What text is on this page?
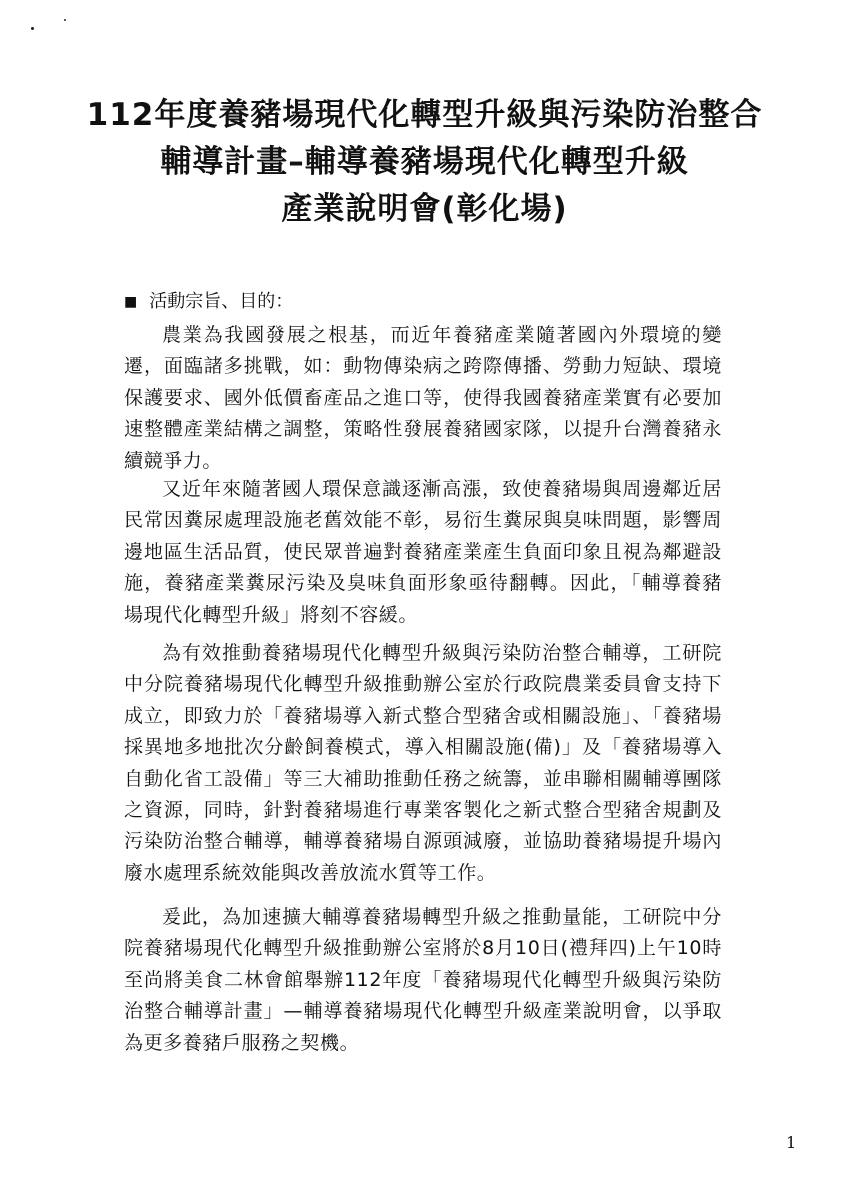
112年度養豬場現代化轉型升級與污染防治整合
輔導計畫–輔導養豬場現代化轉型升級
產業說明會(彰化場)
■ 活動宗旨、目的：
農業為我國發展之根基，而近年養豬產業隨著國內外環境的變遷，面臨諸多挑戰，如：動物傳染病之跨際傳播、勞動力短缺、環境保護要求、國外低價畜產品之進口等，使得我國養豬產業實有必要加速整體產業結構之調整，策略性發展養豬國家隊，以提升台灣養豬永續競爭力。
又近年來隨著國人環保意識逐漸高漲，致使養豬場與周邊鄰近居民常因糞尿處理設施老舊效能不彰，易衍生糞尿與臭味問題，影響周邊地區生活品質，使民眾普遍對養豬產業產生負面印象且視為鄰避設施，養豬產業糞尿污染及臭味負面形象亟待翻轉。因此，「輔導養豬場現代化轉型升級」將刻不容緩。
為有效推動養豬場現代化轉型升級與污染防治整合輔導，工研院中分院養豬場現代化轉型升級推動辦公室於行政院農業委員會支持下成立，即致力於「養豬場導入新式整合型豬舍或相關設施」、「養豬場採異地多地批次分齡飼養模式，導入相關設施(備)」及「養豬場導入自動化省工設備」等三大補助推動任務之統籌，並串聯相關輔導團隊之資源，同時，針對養豬場進行專業客製化之新式整合型豬舍規劃及污染防治整合輔導，輔導養豬場自源頭減廢，並協助養豬場提升場內廢水處理系統效能與改善放流水質等工作。
爰此，為加速擴大輔導養豬場轉型升級之推動量能，工研院中分院養豬場現代化轉型升級推動辦公室將於8月10日(禮拜四)上午10時至尚將美食二林會館舉辦112年度「養豬場現代化轉型升級與污染防治整合輔導計畫」—輔導養豬場現代化轉型升級產業說明會，以爭取為更多養豬戶服務之契機。
1
